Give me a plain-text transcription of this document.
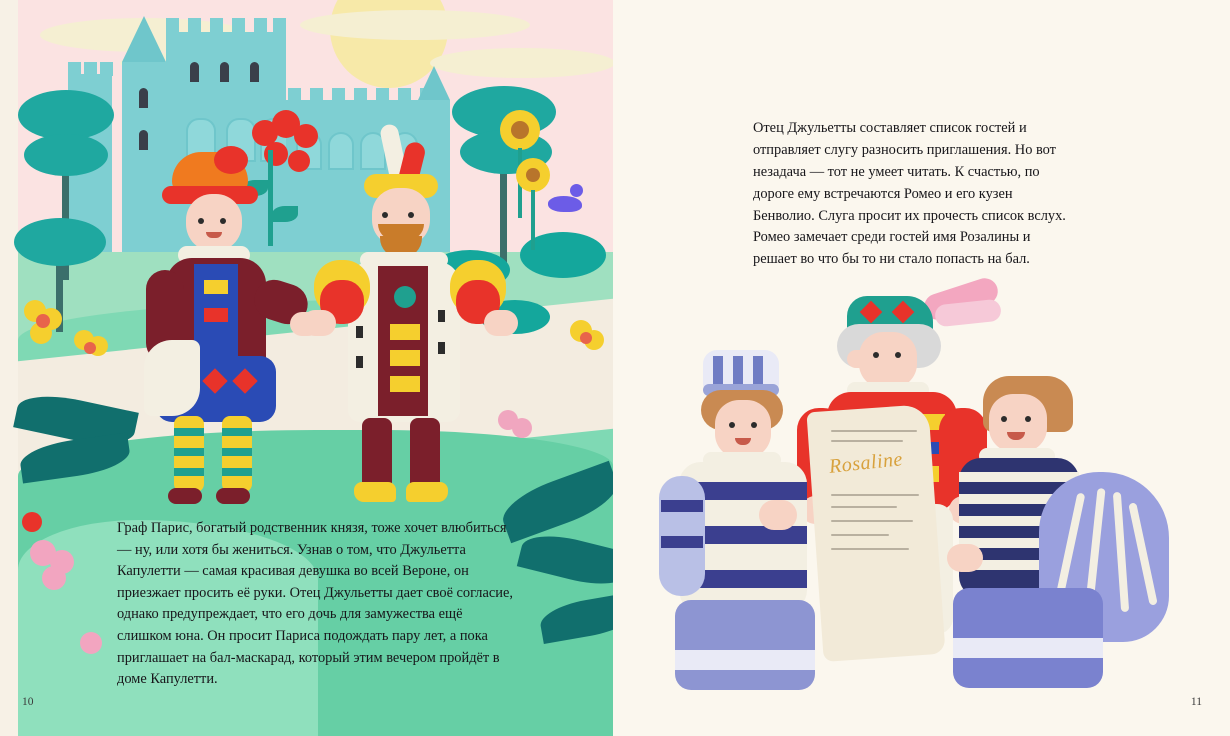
Граф Парис, богатый родственник князя, тоже хочет влюбиться — ну, или хотя бы жениться. Узнав о том, что Джульетта Капулетти — самая красивая девушка во всей Вероне, он приезжает просить её руки. Отец Джульетты дает своё согласие, однако предупреждает, что его дочь для замужества ещё слишком юна. Он просит Париса подождать пару лет, а пока приглашает на бал-маскарад, который этим вечером пройдёт в доме Капулетти.
10
Отец Джульетты составляет список гостей и отправляет слугу разносить приглашения. Но вот незадача — тот не умеет читать. К счастью, по дороге ему встречаются Ромео и его кузен Бенволио. Слуга просит их прочесть список вслух. Ромео замечает среди гостей имя Розалины и решает во что бы то ни стало попасть на бал.
Rosaline
11
